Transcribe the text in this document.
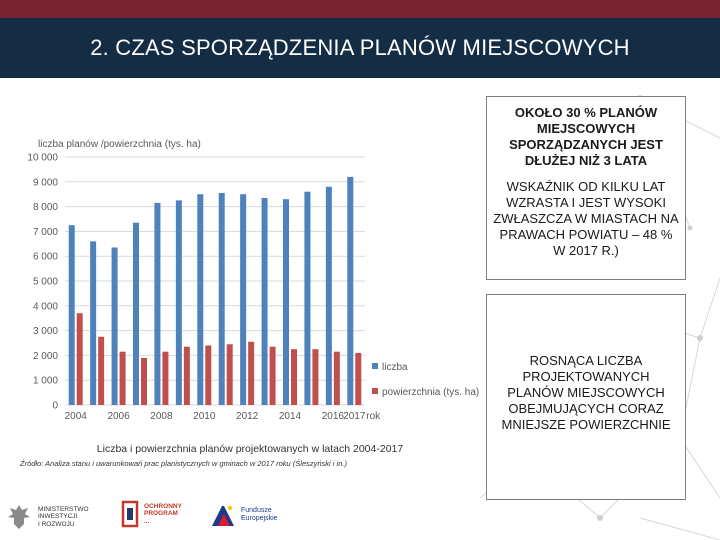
2. CZAS SPORZĄDZENIA PLANÓW MIEJSCOWYCH
liczba planów /powierzchnia (tys. ha)
0
1 000
2 000
3 000
4 000
5 000
6 000
7 000
8 000
9 000
10 000
2004 2006 2008 2010 2012 2014 2016 2017 rok
liczba
powierzchnia (tys. ha)
OKOŁO 30 % PLANÓW MIEJSCOWYCH SPORZĄDZANYCH JEST DŁUŻEJ NIŻ 3 LATA
WSKAŹNIK OD KILKU LAT WZRASTA I JEST WYSOKI ZWŁASZCZA W MIASTACH NA PRAWACH POWIATU – 48 % W 2017 R.)
ROSNĄCA LICZBA PROJEKTOWANYCH PLANÓW MIEJSCOWYCH OBEJMUJĄCYCH CORAZ MNIEJSZE POWIERZCHNIE
Liczba i powierzchnia planów projektowanych w latach 2004-2017
Źródło: Analiza stanu i uwarunkowań prac planistycznych w gminach w 2017 roku (Śleszyński i in.)
MINISTERSTWO
INWESTYCJI
I ROZWOJU
OCHRONNY
PROGRAM
...
Fundusze
Europejskie
